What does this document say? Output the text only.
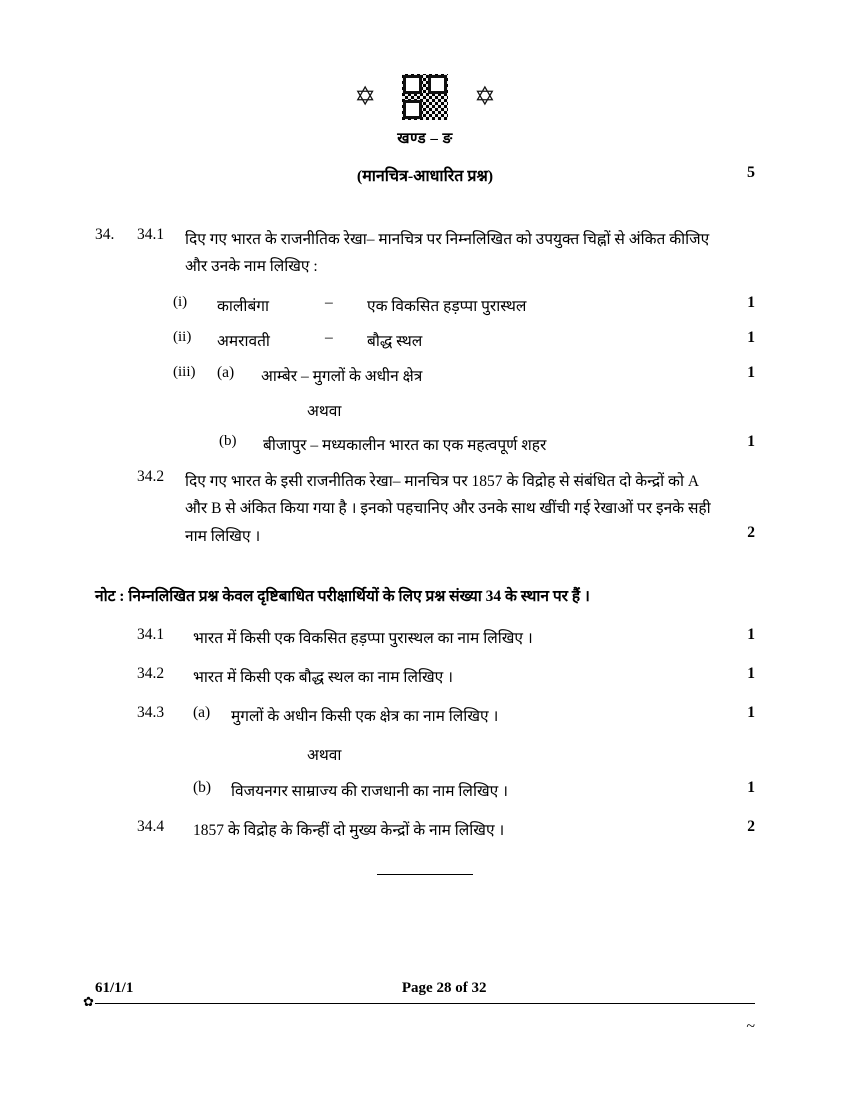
✡	✡
खण्ड – ङ
(मानचित्र-आधारित प्रश्न)	5
34.	34.1	दिए गए भारत के राजनीतिक रेखा– मानचित्र पर निम्नलिखित को उपयुक्त चिह्नों से अंकित कीजिए और उनके नाम लिखिए :
(i)	कालीबंगा	–	एक विकसित हड़प्पा पुरास्थल	1
(ii)	अमरावती	–	बौद्ध स्थल	1
(iii)	(a)	आम्बेर – मुगलों के अधीन क्षेत्र	1
अथवा
(b)	बीजापुर – मध्यकालीन भारत का एक महत्वपूर्ण शहर	1
34.2	दिए गए भारत के इसी राजनीतिक रेखा– मानचित्र पर 1857 के विद्रोह से संबंधित दो केन्द्रों को A और B से अंकित किया गया है । इनको पहचानिए और उनके साथ खींची गई रेखाओं पर इनके सही नाम लिखिए ।	2
नोट : निम्नलिखित प्रश्न केवल दृष्टिबाधित परीक्षार्थियों के लिए प्रश्न संख्या 34 के स्थान पर हैं ।
34.1	भारत में किसी एक विकसित हड़प्पा पुरास्थल का नाम लिखिए ।	1
34.2	भारत में किसी एक बौद्ध स्थल का नाम लिखिए ।	1
34.3	(a)	मुगलों के अधीन किसी एक क्षेत्र का नाम लिखिए ।	1
अथवा
(b)	विजयनगर साम्राज्य की राजधानी का नाम लिखिए ।	1
34.4	1857 के विद्रोह के किन्हीं दो मुख्य केन्द्रों के नाम लिखिए ।	2
61/1/1	Page 28 of 32
✿
~
